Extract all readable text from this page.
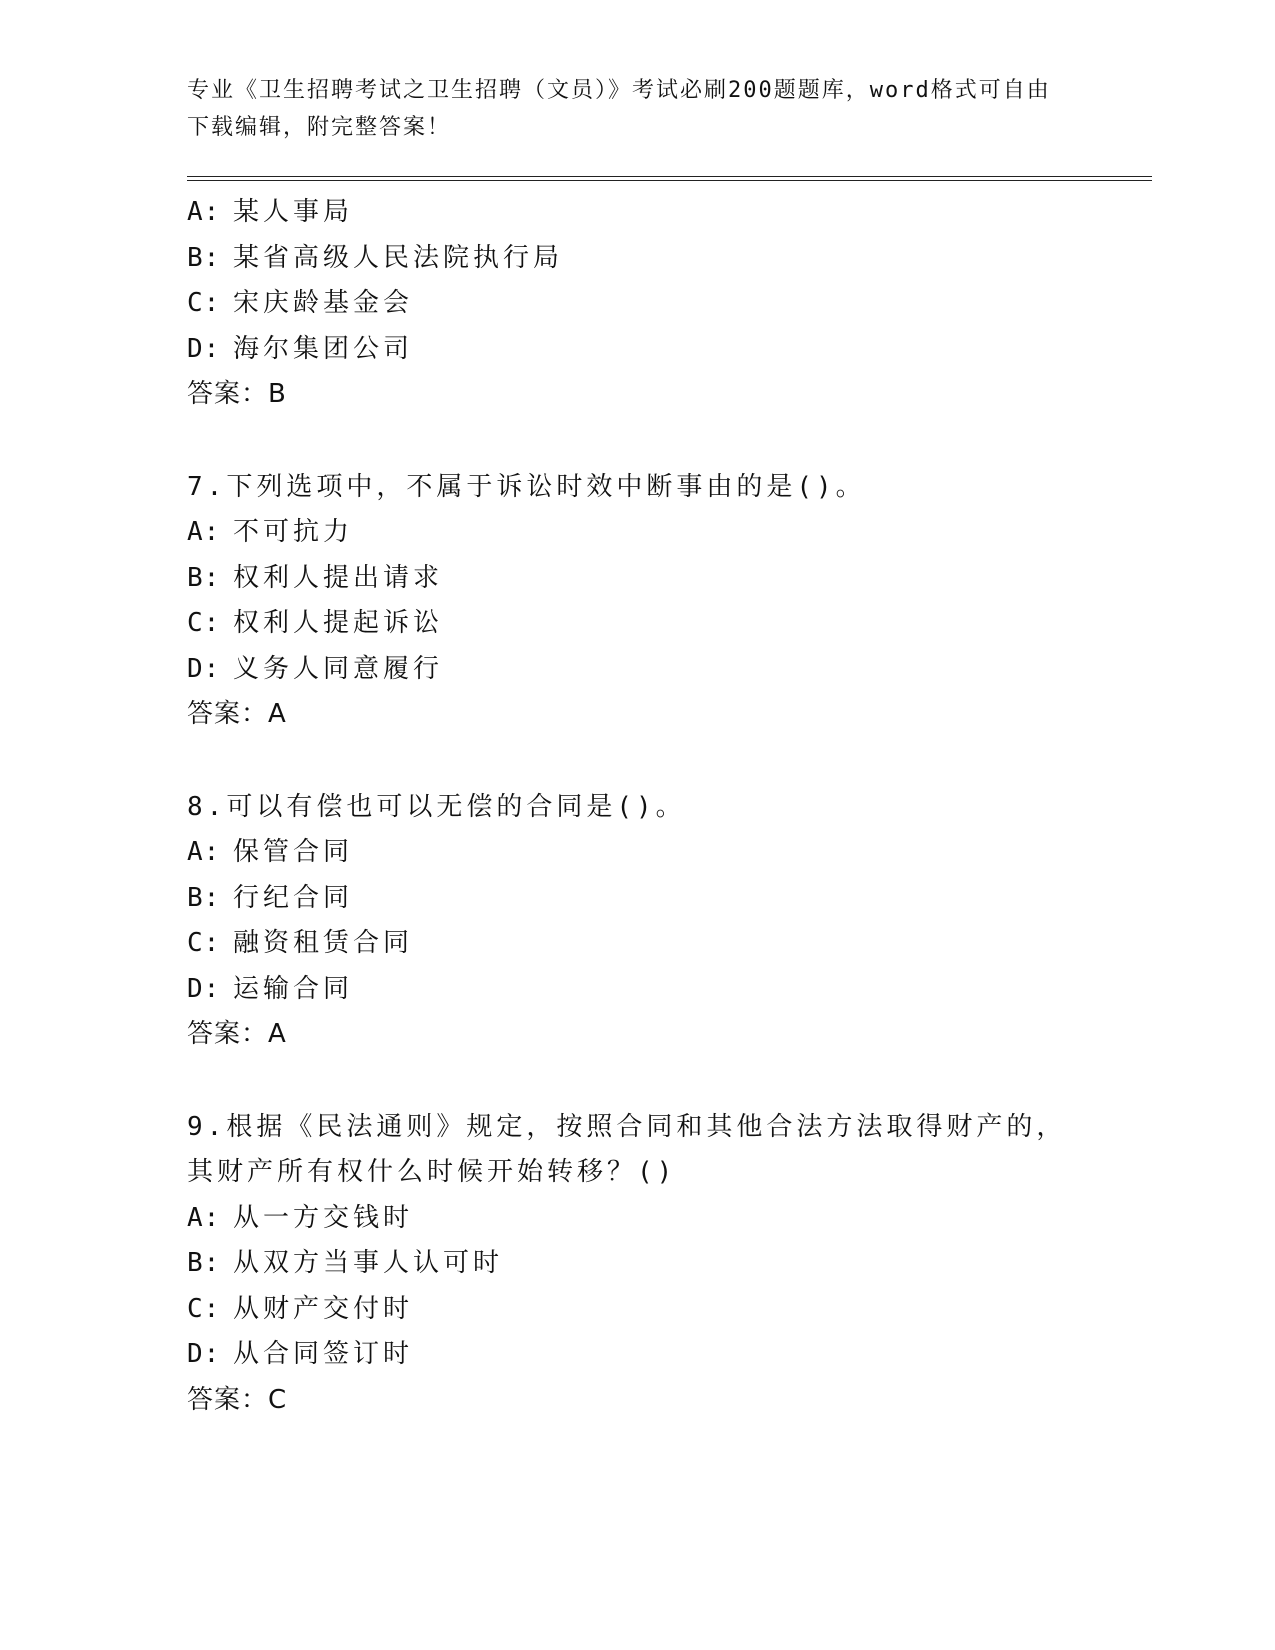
专业《卫生招聘考试之卫生招聘（文员）》考试必刷200题题库，word格式可自由下载编辑，附完整答案！
A: 某人事局
B: 某省高级人民法院执行局
C: 宋庆龄基金会
D: 海尔集团公司
答案：B
7.下列选项中，不属于诉讼时效中断事由的是()。
A: 不可抗力
B: 权利人提出请求
C: 权利人提起诉讼
D: 义务人同意履行
答案：A
8.可以有偿也可以无偿的合同是()。
A: 保管合同
B: 行纪合同
C: 融资租赁合同
D: 运输合同
答案：A
9.根据《民法通则》规定，按照合同和其他合法方法取得财产的，其财产所有权什么时候开始转移？()
A: 从一方交钱时
B: 从双方当事人认可时
C: 从财产交付时
D: 从合同签订时
答案：C
